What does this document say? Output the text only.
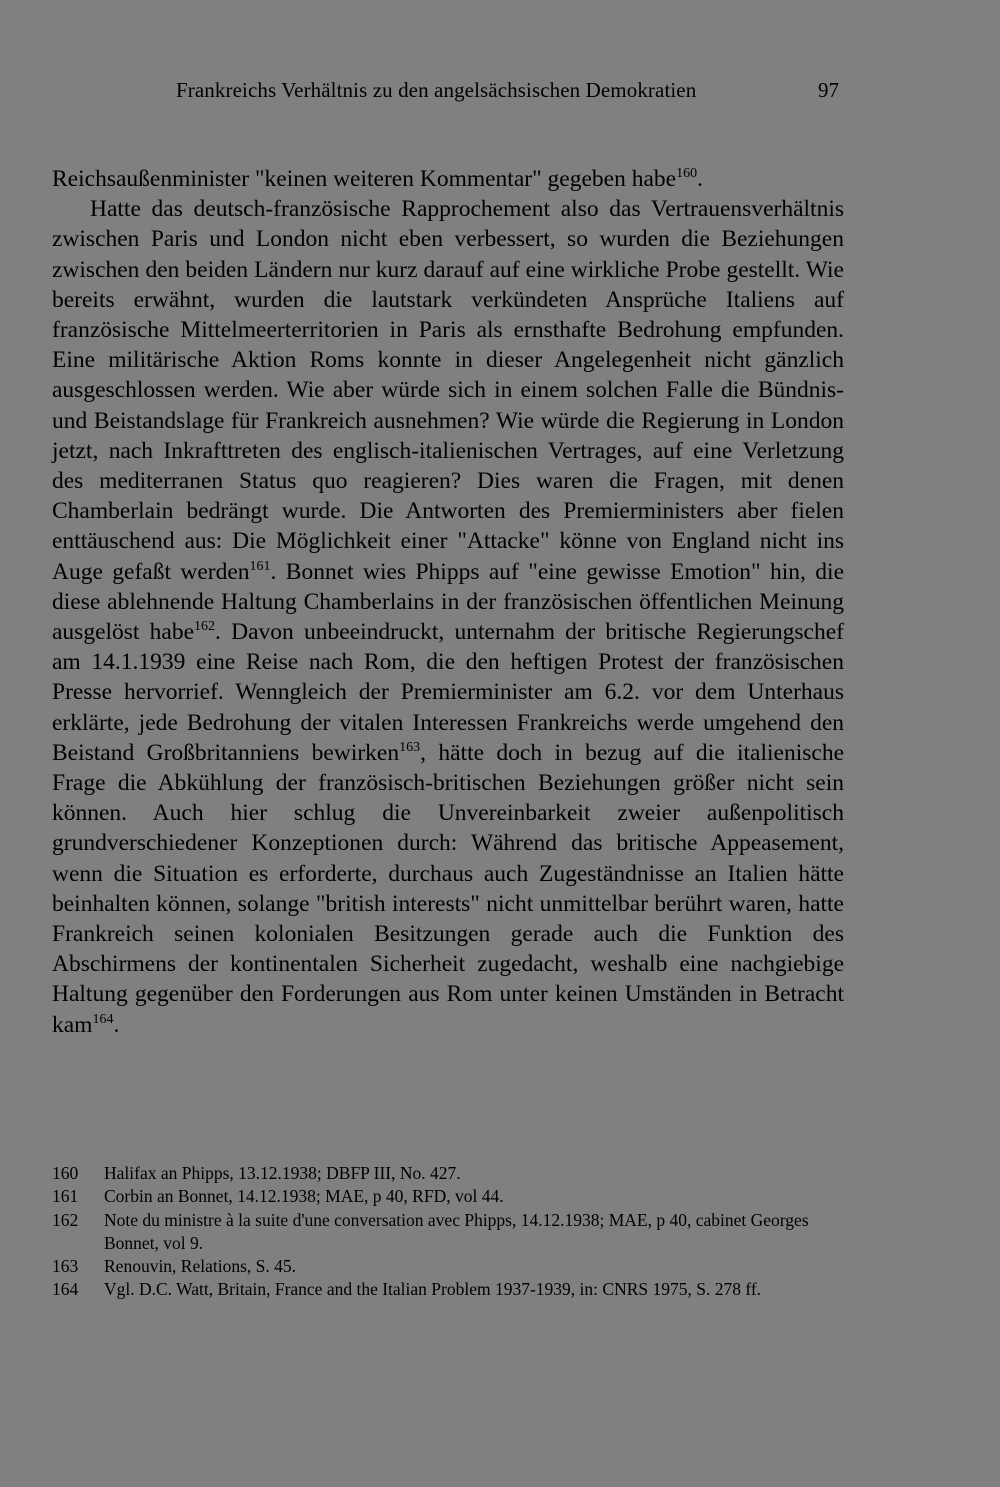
Frankreichs Verhältnis zu den angelsächsischen Demokratien	97

Reichsaußenminister "keinen weiteren Kommentar" gegeben habe$^{160}$.

Hatte das deutsch-französische Rapprochement also das Vertrauensverhältnis zwischen Paris und London nicht eben verbessert, so wurden die Beziehungen zwischen den beiden Ländern nur kurz darauf auf eine wirkliche Probe gestellt. Wie bereits erwähnt, wurden die lautstark verkündeten Ansprüche Italiens auf französische Mittelmeerterritorien in Paris als ernsthafte Bedrohung empfunden. Eine militärische Aktion Roms konnte in dieser Angelegenheit nicht gänzlich ausgeschlossen werden. Wie aber würde sich in einem solchen Falle die Bündnis- und Beistandslage für Frankreich ausnehmen? Wie würde die Regierung in London jetzt, nach Inkrafttreten des englisch-italienischen Vertrages, auf eine Verletzung des mediterranen Status quo reagieren? Dies waren die Fragen, mit denen Chamberlain bedrängt wurde. Die Antworten des Premierministers aber fielen enttäuschend aus: Die Möglichkeit einer "Attacke" könne von England nicht ins Auge gefaßt werden$^{161}$. Bonnet wies Phipps auf "eine gewisse Emotion" hin, die diese ablehnende Haltung Chamberlains in der französischen öffentlichen Meinung ausgelöst habe$^{162}$. Davon unbeeindruckt, unternahm der britische Regierungschef am 14.1.1939 eine Reise nach Rom, die den heftigen Protest der französischen Presse hervorrief. Wenngleich der Premierminister am 6.2. vor dem Unterhaus erklärte, jede Bedrohung der vitalen Interessen Frankreichs werde umgehend den Beistand Großbritanniens bewirken$^{163}$, hätte doch in bezug auf die italienische Frage die Abkühlung der französisch-britischen Beziehungen größer nicht sein können. Auch hier schlug die Unvereinbarkeit zweier außenpolitisch grundverschiedener Konzeptionen durch: Während das britische Appeasement, wenn die Situation es erforderte, durchaus auch Zugeständnisse an Italien hätte beinhalten können, solange "british interests" nicht unmittelbar berührt waren, hatte Frankreich seinen kolonialen Besitzungen gerade auch die Funktion des Abschirmens der kontinentalen Sicherheit zugedacht, weshalb eine nachgiebige Haltung gegenüber den Forderungen aus Rom unter keinen Umständen in Betracht kam$^{164}$.

160	Halifax an Phipps, 13.12.1938; DBFP III, No. 427.
161	Corbin an Bonnet, 14.12.1938; MAE, p 40, RFD, vol 44.
162	Note du ministre à la suite d'une conversation avec Phipps, 14.12.1938; MAE, p 40, cabinet Georges Bonnet, vol 9.
163	Renouvin, Relations, S. 45.
164	Vgl. D.C. Watt, Britain, France and the Italian Problem 1937-1939, in: CNRS 1975, S. 278 ff.
